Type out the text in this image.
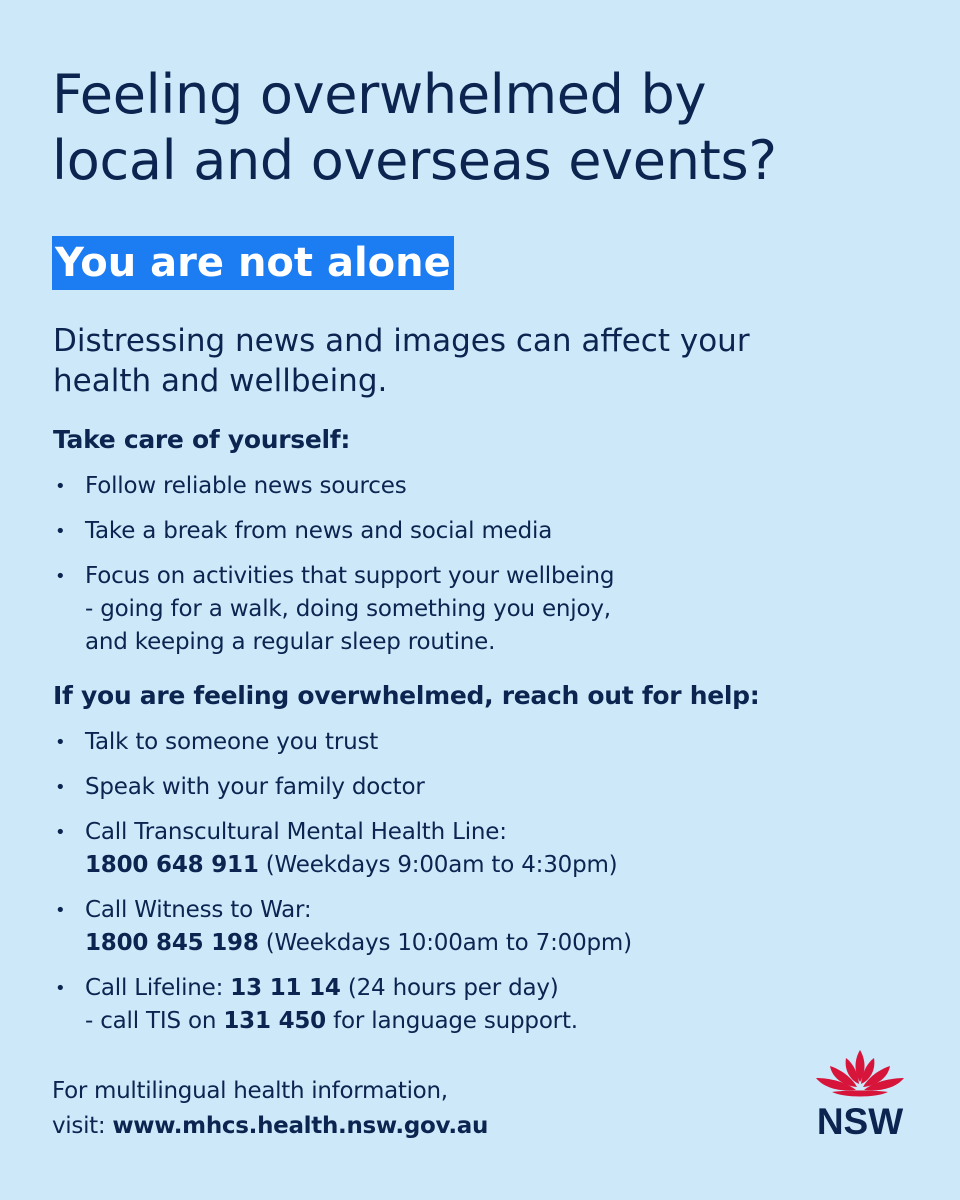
Feeling overwhelmed by
local and overseas events?
You are not alone

Distressing news and images can affect your
health and wellbeing.

Take care of yourself:
• Follow reliable news sources
• Take a break from news and social media
• Focus on activities that support your wellbeing
- going for a walk, doing something you enjoy,
and keeping a regular sleep routine.
If you are feeling overwhelmed, reach out for help:
• Talk to someone you trust
• Speak with your family doctor
• Call Transcultural Mental Health Line:
1800 648 911 (Weekdays 9:00am to 4:30pm)
• Call Witness to War:
1800 845 198 (Weekdays 10:00am to 7:00pm)
• Call Lifeline: 13 11 14 (24 hours per day)
- call TIS on 131 450 for language support.
For multilingual health information,
visit: www.mhcs.health.nsw.gov.au	NSW
